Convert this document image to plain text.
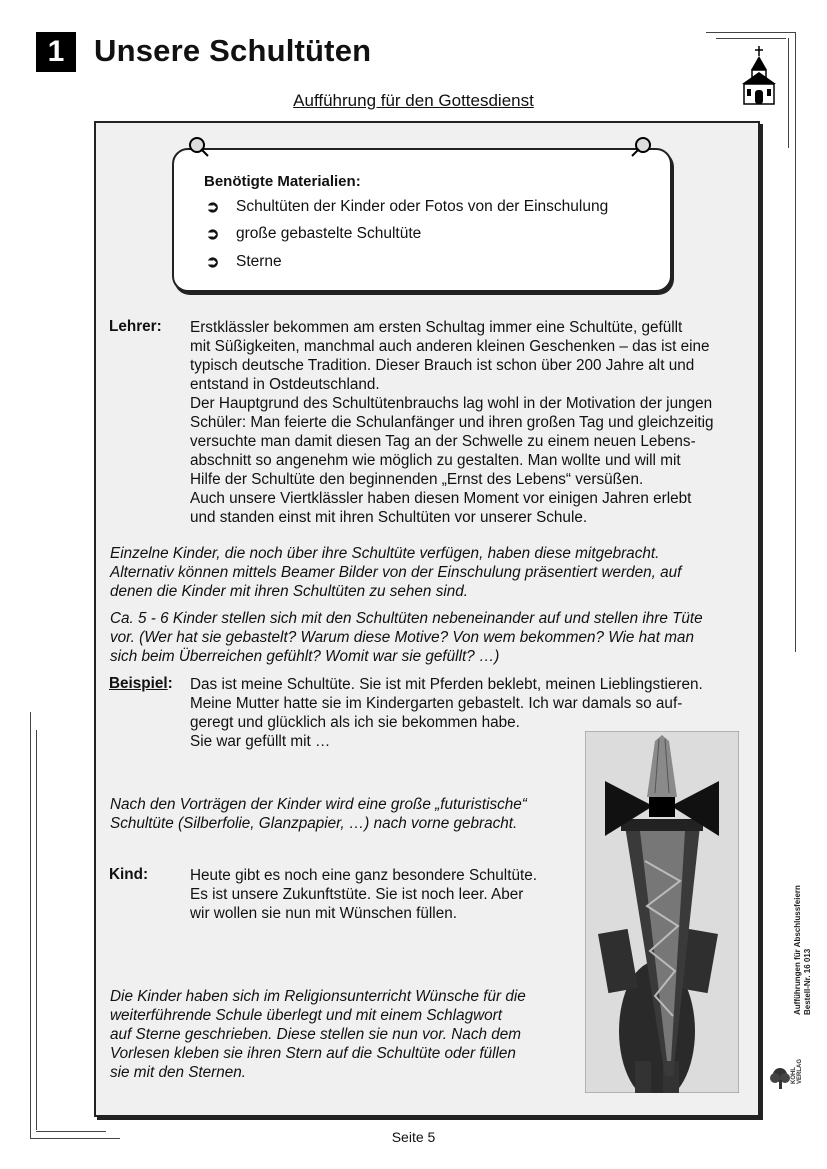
1 Unsere Schultüten
Aufführung für den Gottesdienst
Benötigte Materialien:
➲	Schultüten der Kinder oder Fotos von der Einschulung
➲	große gebastelte Schultüte
➲	Sterne
Lehrer: Erstklässler bekommen am ersten Schultag immer eine Schultüte, gefüllt
mit Süßigkeiten, manchmal auch anderen kleinen Geschenken – das ist eine
typisch deutsche Tradition. Dieser Brauch ist schon über 200 Jahre alt und
entstand in Ostdeutschland.
Der Hauptgrund des Schultütenbrauchs lag wohl in der Motivation der jungen
Schüler: Man feierte die Schulanfänger und ihren großen Tag und gleichzeitig
versuchte man damit diesen Tag an der Schwelle zu einem neuen Lebens-
abschnitt so angenehm wie möglich zu gestalten. Man wollte und will mit
Hilfe der Schultüte den beginnenden „Ernst des Lebens“ versüßen.
Auch unsere Viertklässler haben diesen Moment vor einigen Jahren erlebt
und standen einst mit ihren Schultüten vor unserer Schule.
Einzelne Kinder, die noch über ihre Schultüte verfügen, haben diese mitgebracht.
Alternativ können mittels Beamer Bilder von der Einschulung präsentiert werden, auf
denen die Kinder mit ihren Schultüten zu sehen sind.
Ca. 5 - 6 Kinder stellen sich mit den Schultüten nebeneinander auf und stellen ihre Tüte
vor. (Wer hat sie gebastelt? Warum diese Motive? Von wem bekommen? Wie hat man
sich beim Überreichen gefühlt? Womit war sie gefüllt? …)
Beispiel: Das ist meine Schultüte. Sie ist mit Pferden beklebt, meinen Lieblingstieren.
Meine Mutter hatte sie im Kindergarten gebastelt. Ich war damals so auf-
geregt und glücklich als ich sie bekommen habe.
Sie war gefüllt mit …
Nach den Vorträgen der Kinder wird eine große „futuristische“
Schultüte (Silberfolie, Glanzpapier, …) nach vorne gebracht.
Kind:	Heute gibt es noch eine ganz besondere Schultüte.
Es ist unsere Zukunftstüte. Sie ist noch leer. Aber
wir wollen sie nun mit Wünschen füllen.
Die Kinder haben sich im Religionsunterricht Wünsche für die
weiterführende Schule überlegt und mit einem Schlagwort
auf Sterne geschrieben. Diese stellen sie nun vor. Nach dem
Vorlesen kleben sie ihren Stern auf die Schultüte oder füllen
sie mit den Sternen.
Aufführungen für Abschlussfeiern
Bestell-Nr. 16 013
KOHL VERLAG
Seite 5
